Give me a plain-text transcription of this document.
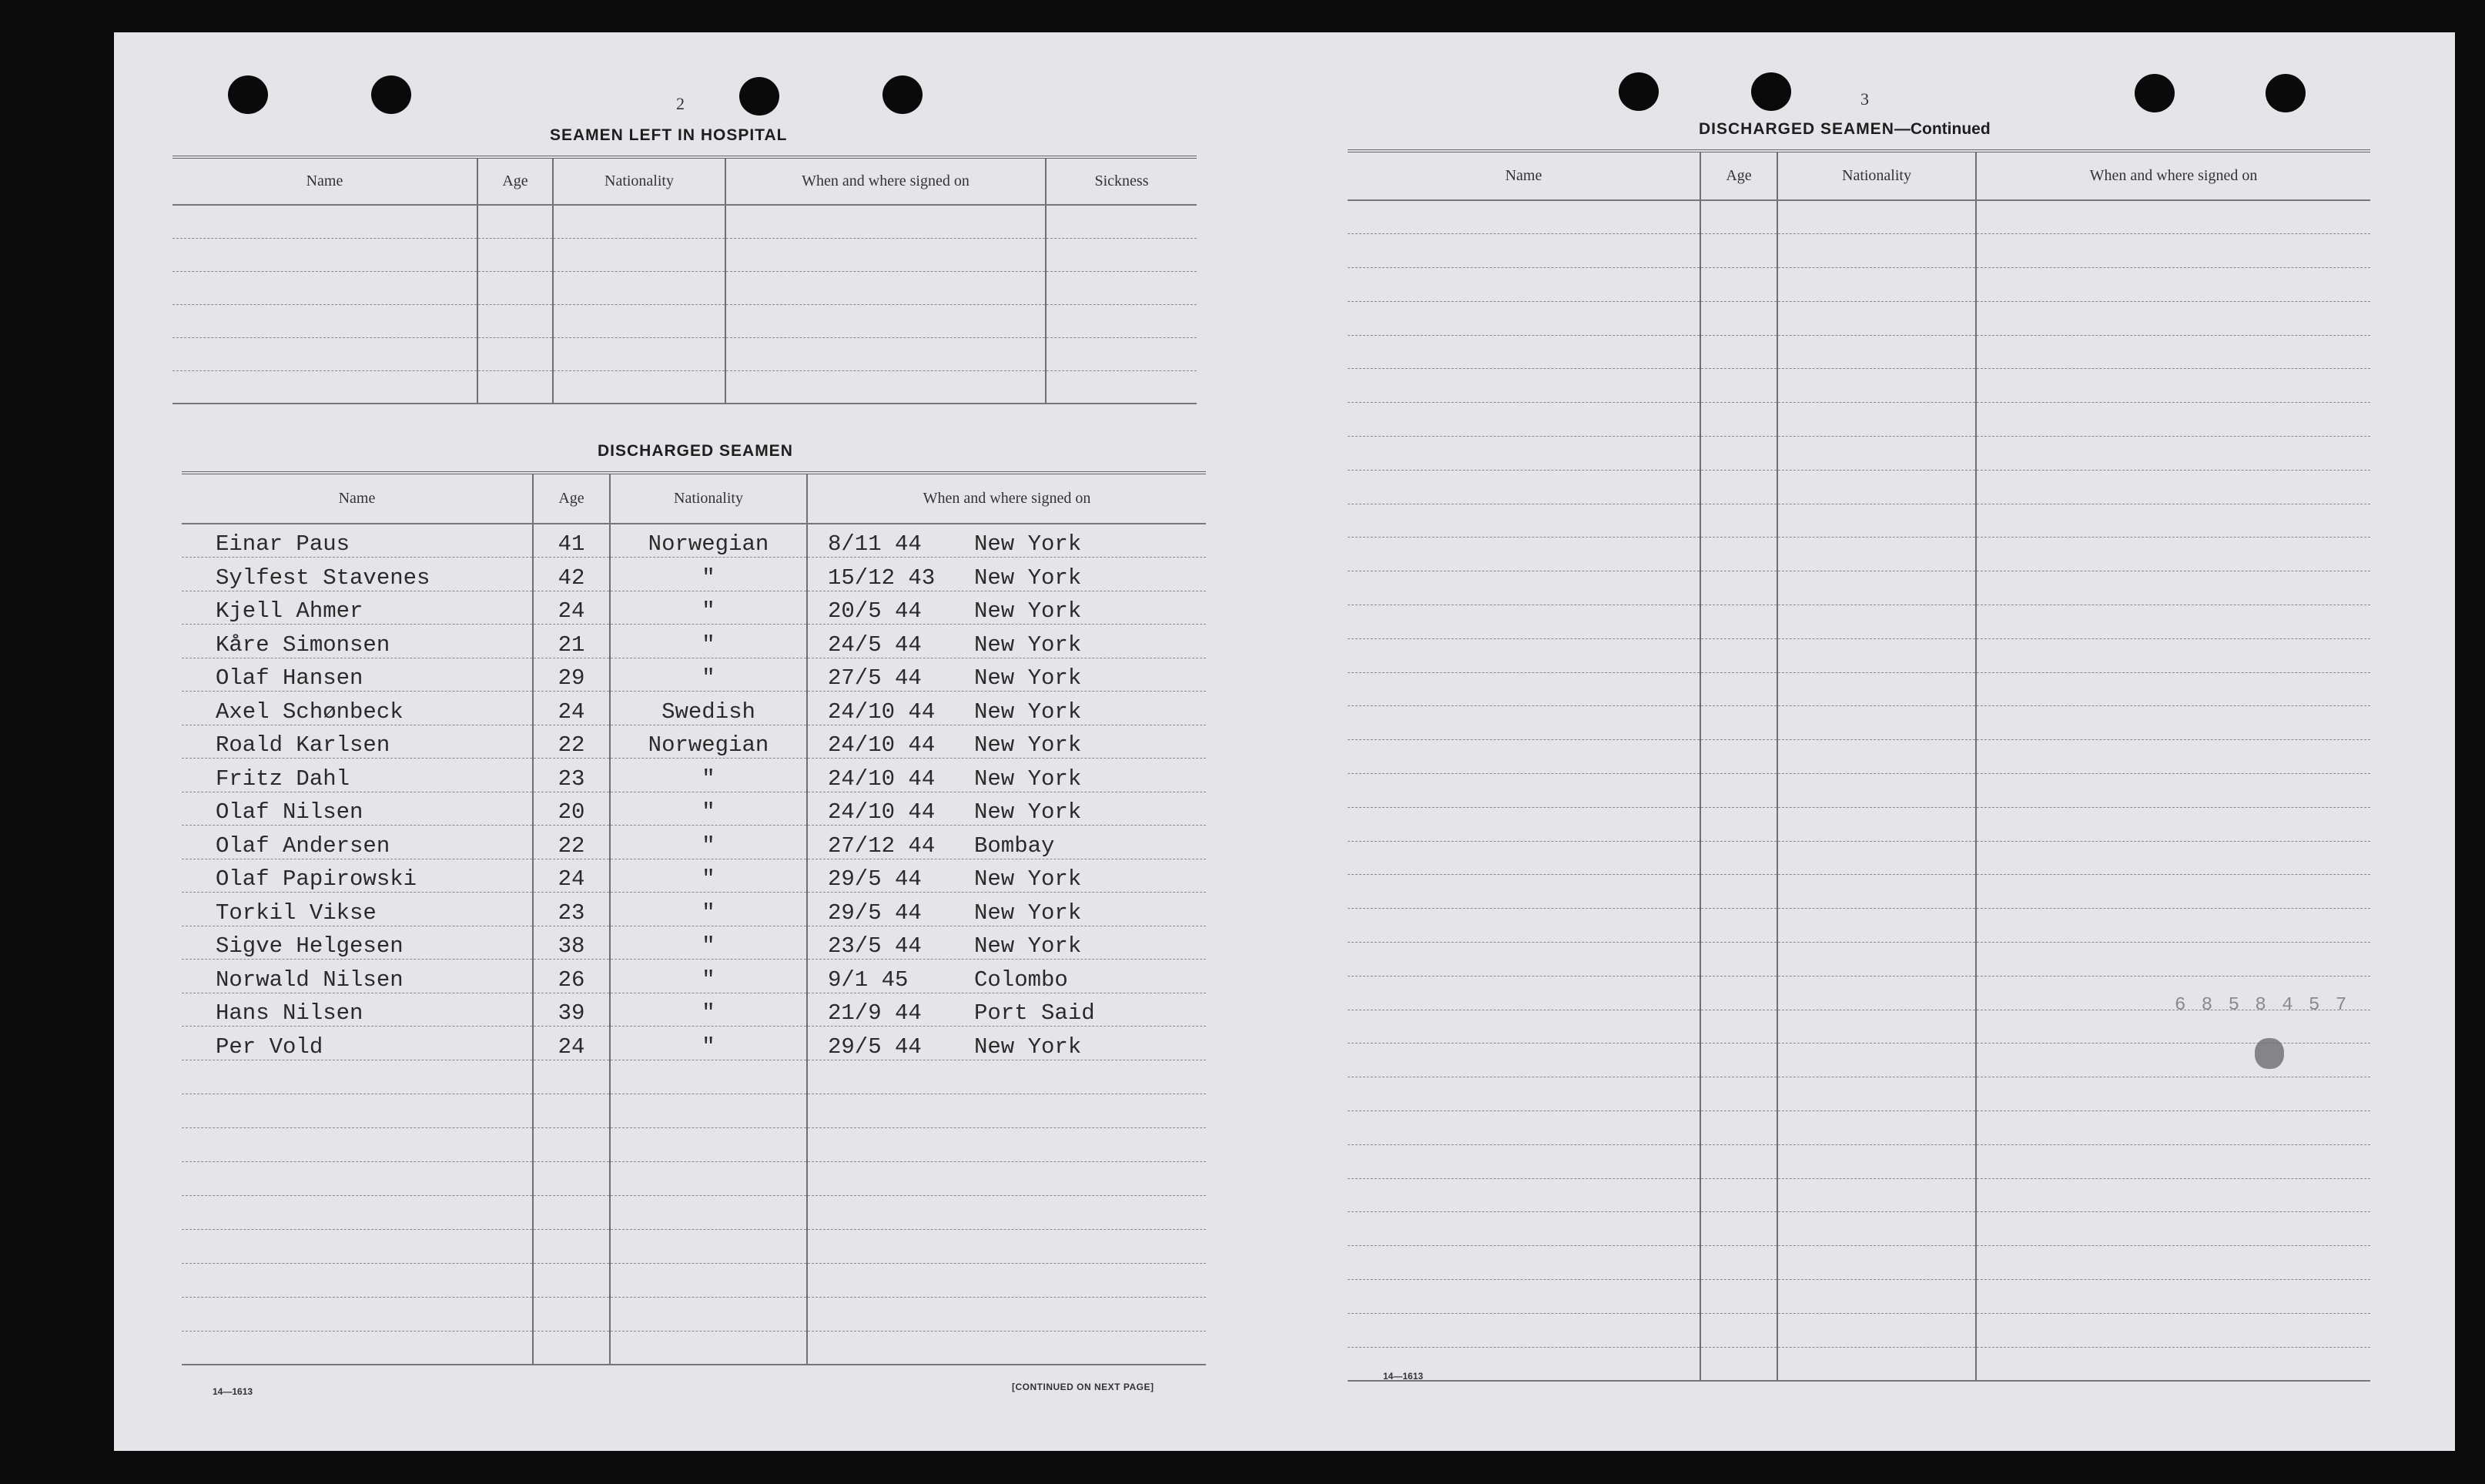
2
SEAMEN LEFT IN HOSPITAL
Name	Age	Nationality	When and where signed on	Sickness

DISCHARGED SEAMEN
Name	Age	Nationality	When and where signed on
Einar Paus	41	Norwegian	8/11 44 New York
Sylfest Stavenes	42	"	15/12 43 New York
Kjell Ahmer	24	"	20/5 44 New York
Kåre Simonsen	21	"	24/5 44 New York
Olaf Hansen	29	"	27/5 44 New York
Axel Schønbeck	24	Swedish	24/10 44 New York
Roald Karlsen	22	Norwegian	24/10 44 New York
Fritz Dahl	23	"	24/10 44 New York
Olaf Nilsen	20	"	24/10 44 New York
Olaf Andersen	22	"	27/12 44 Bombay
Olaf Papirowski	24	"	29/5 44 New York
Torkil Vikse	23	"	29/5 44 New York
Sigve Helgesen	38	"	23/5 44 New York
Norwald Nilsen	26	"	9/1 45 Colombo
Hans Nilsen	39	"	21/9 44 Port Said
Per Vold	24	"	29/5 44 New York

14—1613	[CONTINUED ON NEXT PAGE]
3
DISCHARGED SEAMEN—Continued
Name	Age	Nationality	When and where signed on

14—1613
6 8 5 8 4 5 7
